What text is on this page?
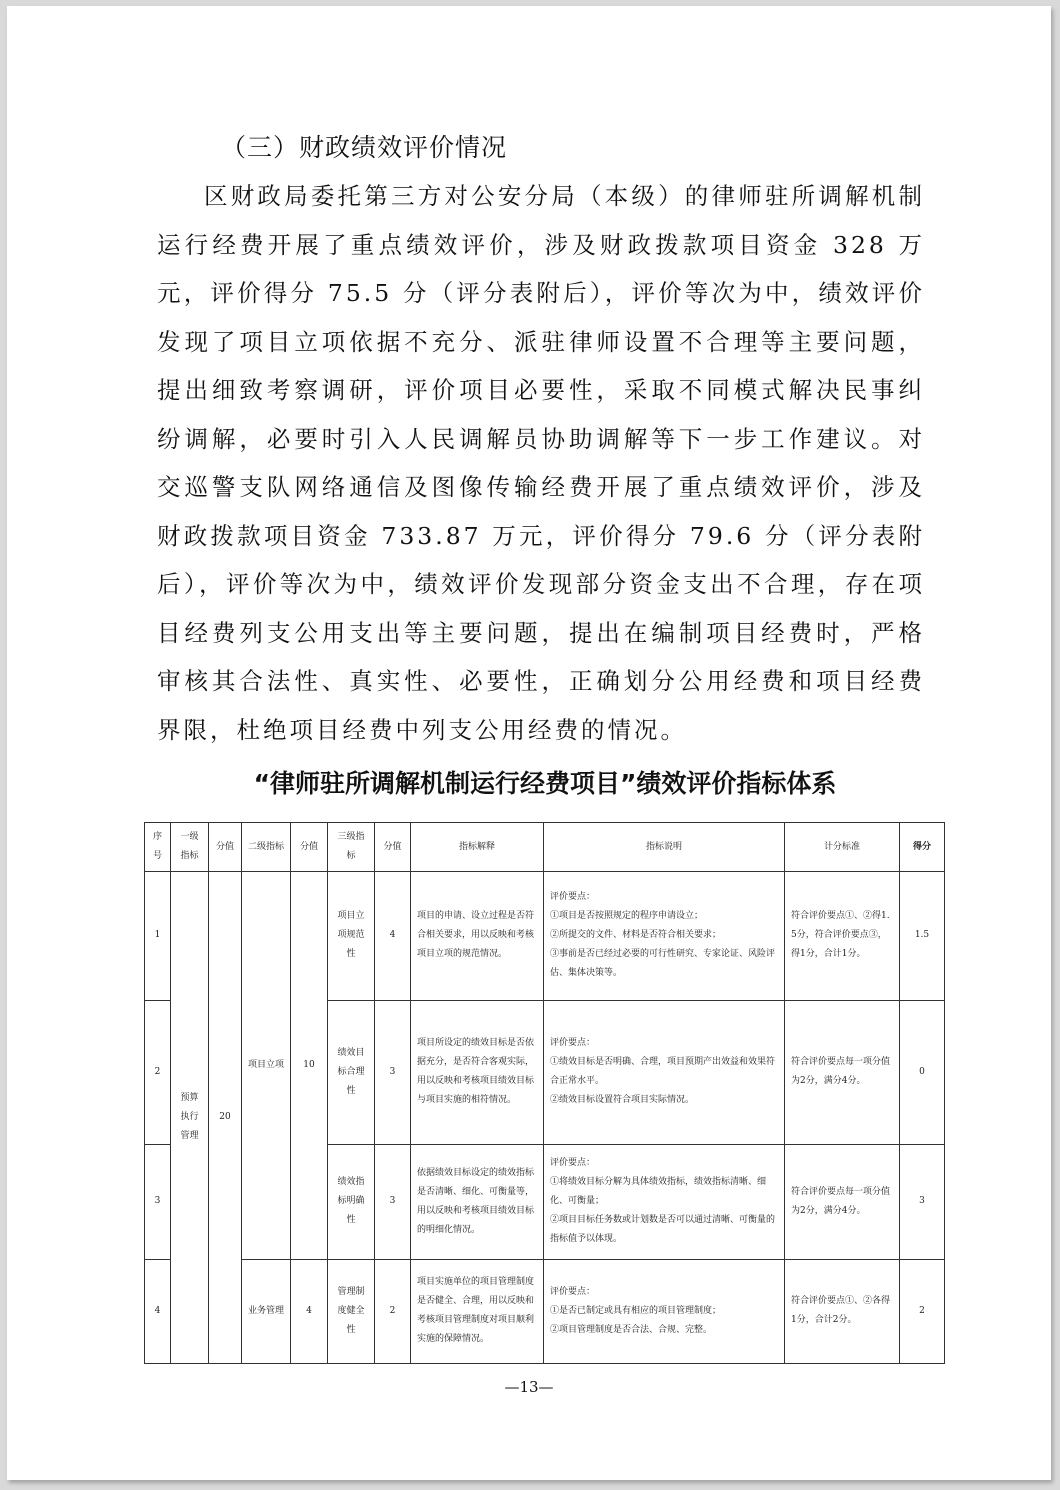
（三）财政绩效评价情况

区财政局委托第三方对公安分局（本级）的律师驻所调解机制运行经费开展了重点绩效评价，涉及财政拨款项目资金 328 万元，评价得分 75.5 分（评分表附后），评价等次为中，绩效评价发现了项目立项依据不充分、派驻律师设置不合理等主要问题，提出细致考察调研，评价项目必要性，采取不同模式解决民事纠纷调解，必要时引入人民调解员协助调解等下一步工作建议。对交巡警支队网络通信及图像传输经费开展了重点绩效评价，涉及财政拨款项目资金 733.87 万元，评价得分 79.6 分（评分表附后），评价等次为中，绩效评价发现部分资金支出不合理，存在项目经费列支公用支出等主要问题，提出在编制项目经费时，严格审核其合法性、真实性、必要性，正确划分公用经费和项目经费界限，杜绝项目经费中列支公用经费的情况。

“律师驻所调解机制运行经费项目”绩效评价指标体系
序号	一级指标	分值	二级指标	分值	三级指标	分值	指标解释	指标说明	计分标准	得分
1	预算执行管理	20	项目立项	10	项目立项规范性	4	项目的申请、设立过程是否符合相关要求，用以反映和考核项目立项的规范情况。	评价要点：
①项目是否按照规定的程序申请设立；
②所提交的文件、材料是否符合相关要求；
③事前是否已经过必要的可行性研究、专家论证、风险评估、集体决策等。	符合评价要点①、②得1.5分，符合评价要点③，得1分，合计1分。	1.5
2					绩效目标合理性	3	项目所设定的绩效目标是否依据充分，是否符合客观实际，用以反映和考核项目绩效目标与项目实施的相符情况。	评价要点：
①绩效目标是否明确、合理，项目预期产出效益和效果符合正常水平。
②绩效目标设置符合项目实际情况。	符合评价要点每一项分值为2分，满分4分。	0
3					绩效指标明确性	3	依据绩效目标设定的绩效指标是否清晰、细化、可衡量等，用以反映和考核项目绩效目标的明细化情况。	评价要点：
①将绩效目标分解为具体绩效指标，绩效指标清晰、细化、可衡量；
②项目目标任务数或计划数是否可以通过清晰、可衡量的指标值予以体现。	符合评价要点每一项分值为2分，满分4分。	3
4			业务管理	4	管理制度健全性	2	项目实施单位的项目管理制度是否健全、合理，用以反映和考核项目管理制度对项目顺利实施的保障情况。	评价要点：
①是否已制定或具有相应的项目管理制度；
②项目管理制度是否合法、合规、完整。	符合评价要点①、②各得1分，合计2分。	2
—13—
